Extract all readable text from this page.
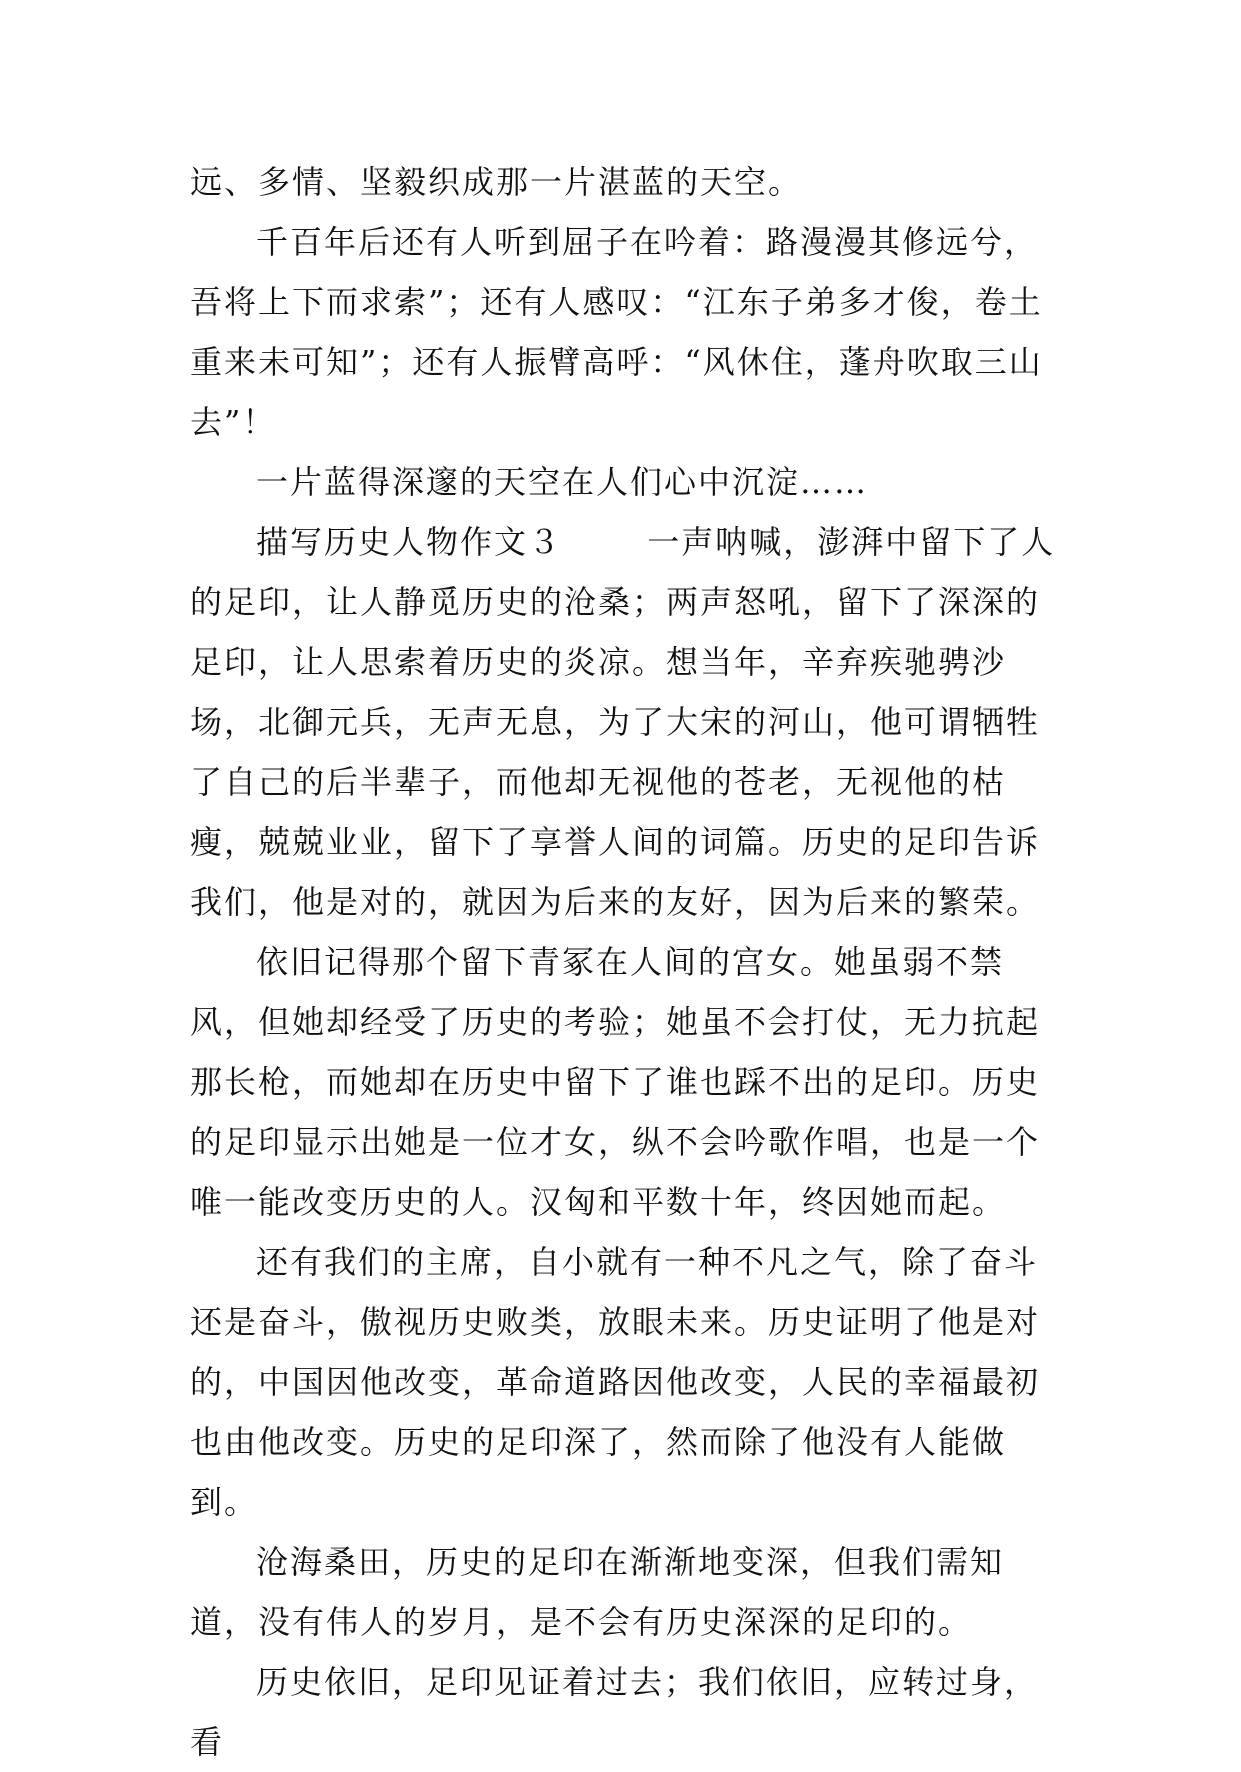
远、多情、坚毅织成那一片湛蓝的天空。

千百年后还有人听到屈子在吟着：路漫漫其修远兮，吾将上下而求索”；还有人感叹：“江东子弟多才俊，卷土重来未可知”；还有人振臂高呼：“风休住，蓬舟吹取三山去”！

一片蓝得深邃的天空在人们心中沉淀……

描写历史人物作文３	一声呐喊，澎湃中留下了人的足印，让人静觅历史的沧桑；两声怒吼，留下了深深的足印，让人思索着历史的炎凉。想当年，辛弃疾驰骋沙场，北御元兵，无声无息，为了大宋的河山，他可谓牺牲了自己的后半辈子，而他却无视他的苍老，无视他的枯瘦，兢兢业业，留下了享誉人间的词篇。历史的足印告诉我们，他是对的，就因为后来的友好，因为后来的繁荣。

依旧记得那个留下青冢在人间的宫女。她虽弱不禁风，但她却经受了历史的考验；她虽不会打仗，无力抗起那长枪，而她却在历史中留下了谁也踩不出的足印。历史的足印显示出她是一位才女，纵不会吟歌作唱，也是一个唯一能改变历史的人。汉匈和平数十年，终因她而起。

还有我们的主席，自小就有一种不凡之气，除了奋斗还是奋斗，傲视历史败类，放眼未来。历史证明了他是对的，中国因他改变，革命道路因他改变，人民的幸福最初也由他改变。历史的足印深了，然而除了他没有人能做到。

沧海桑田，历史的足印在渐渐地变深，但我们需知道，没有伟人的岁月，是不会有历史深深的足印的。

历史依旧，足印见证着过去；我们依旧，应转过身，看
